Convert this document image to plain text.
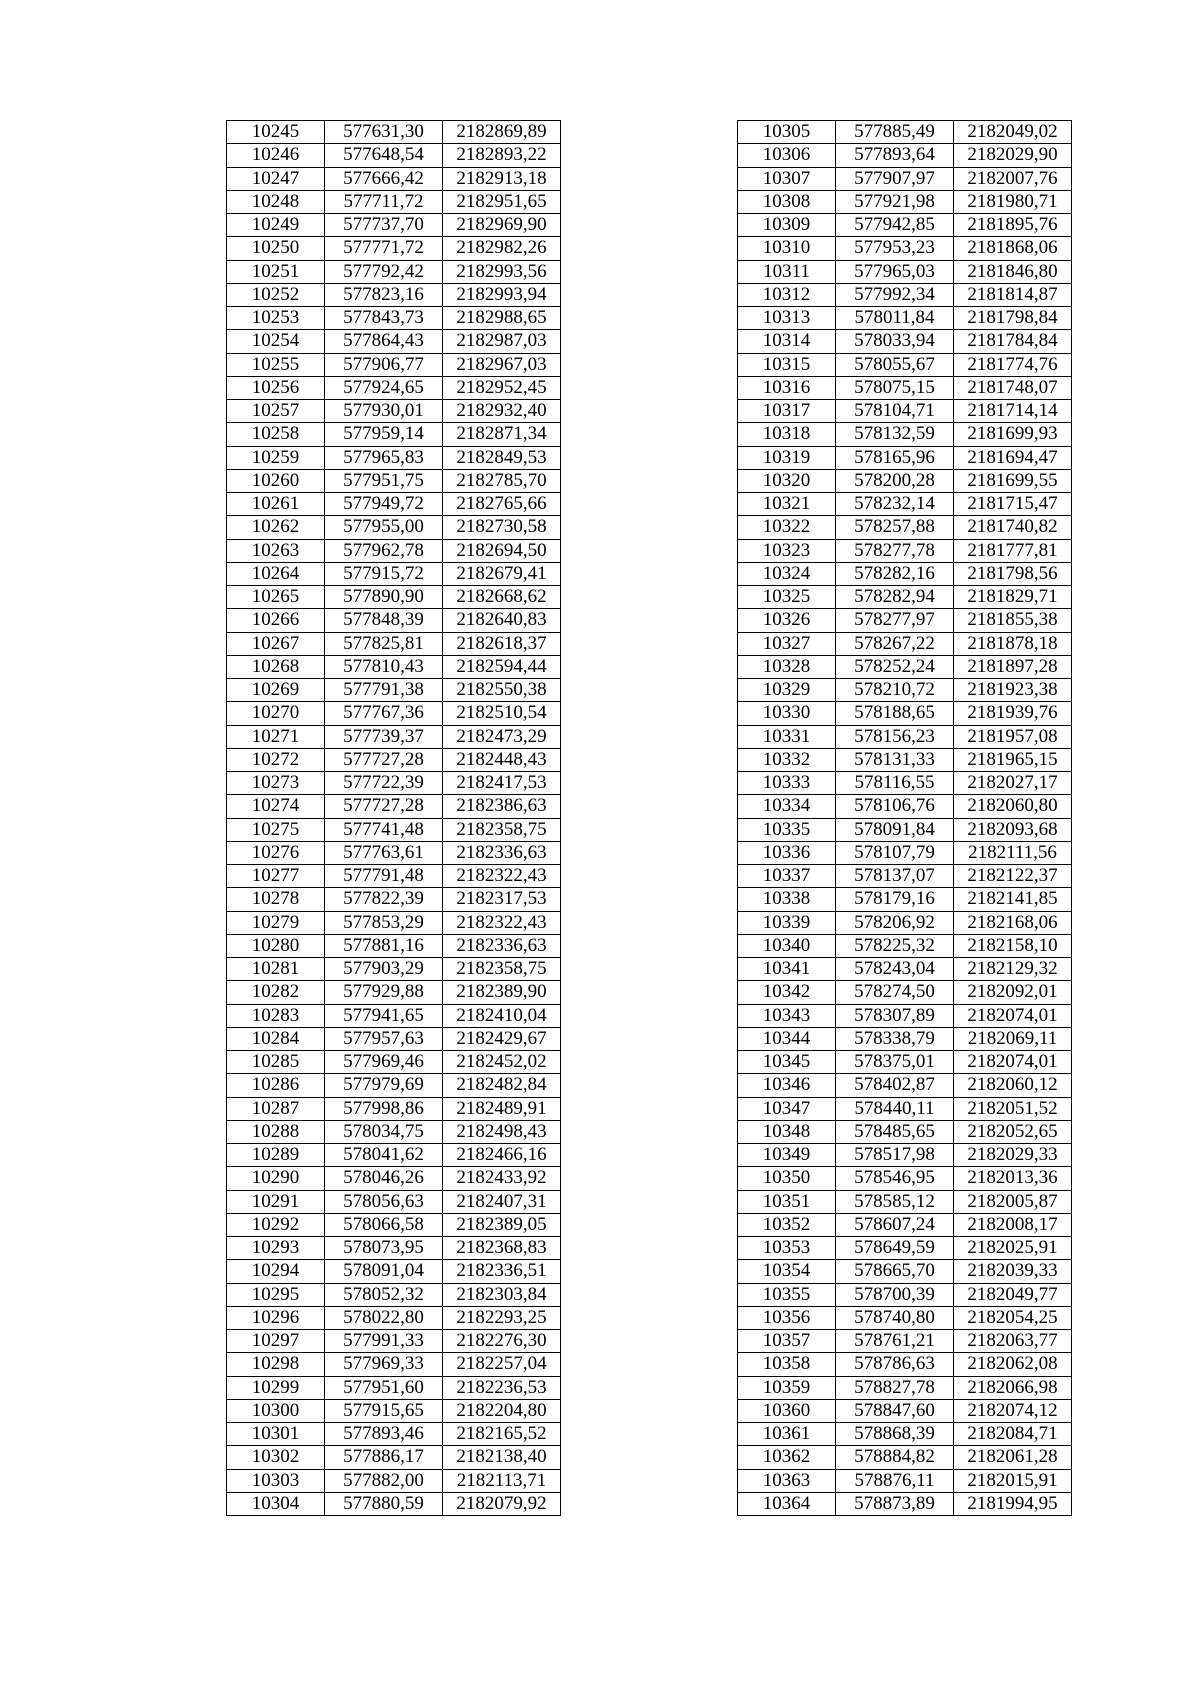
10245	577631,30	2182869,89
10246	577648,54	2182893,22
10247	577666,42	2182913,18
10248	577711,72	2182951,65
10249	577737,70	2182969,90
10250	577771,72	2182982,26
10251	577792,42	2182993,56
10252	577823,16	2182993,94
10253	577843,73	2182988,65
10254	577864,43	2182987,03
10255	577906,77	2182967,03
10256	577924,65	2182952,45
10257	577930,01	2182932,40
10258	577959,14	2182871,34
10259	577965,83	2182849,53
10260	577951,75	2182785,70
10261	577949,72	2182765,66
10262	577955,00	2182730,58
10263	577962,78	2182694,50
10264	577915,72	2182679,41
10265	577890,90	2182668,62
10266	577848,39	2182640,83
10267	577825,81	2182618,37
10268	577810,43	2182594,44
10269	577791,38	2182550,38
10270	577767,36	2182510,54
10271	577739,37	2182473,29
10272	577727,28	2182448,43
10273	577722,39	2182417,53
10274	577727,28	2182386,63
10275	577741,48	2182358,75
10276	577763,61	2182336,63
10277	577791,48	2182322,43
10278	577822,39	2182317,53
10279	577853,29	2182322,43
10280	577881,16	2182336,63
10281	577903,29	2182358,75
10282	577929,88	2182389,90
10283	577941,65	2182410,04
10284	577957,63	2182429,67
10285	577969,46	2182452,02
10286	577979,69	2182482,84
10287	577998,86	2182489,91
10288	578034,75	2182498,43
10289	578041,62	2182466,16
10290	578046,26	2182433,92
10291	578056,63	2182407,31
10292	578066,58	2182389,05
10293	578073,95	2182368,83
10294	578091,04	2182336,51
10295	578052,32	2182303,84
10296	578022,80	2182293,25
10297	577991,33	2182276,30
10298	577969,33	2182257,04
10299	577951,60	2182236,53
10300	577915,65	2182204,80
10301	577893,46	2182165,52
10302	577886,17	2182138,40
10303	577882,00	2182113,71
10304	577880,59	2182079,92
10305	577885,49	2182049,02
10306	577893,64	2182029,90
10307	577907,97	2182007,76
10308	577921,98	2181980,71
10309	577942,85	2181895,76
10310	577953,23	2181868,06
10311	577965,03	2181846,80
10312	577992,34	2181814,87
10313	578011,84	2181798,84
10314	578033,94	2181784,84
10315	578055,67	2181774,76
10316	578075,15	2181748,07
10317	578104,71	2181714,14
10318	578132,59	2181699,93
10319	578165,96	2181694,47
10320	578200,28	2181699,55
10321	578232,14	2181715,47
10322	578257,88	2181740,82
10323	578277,78	2181777,81
10324	578282,16	2181798,56
10325	578282,94	2181829,71
10326	578277,97	2181855,38
10327	578267,22	2181878,18
10328	578252,24	2181897,28
10329	578210,72	2181923,38
10330	578188,65	2181939,76
10331	578156,23	2181957,08
10332	578131,33	2181965,15
10333	578116,55	2182027,17
10334	578106,76	2182060,80
10335	578091,84	2182093,68
10336	578107,79	2182111,56
10337	578137,07	2182122,37
10338	578179,16	2182141,85
10339	578206,92	2182168,06
10340	578225,32	2182158,10
10341	578243,04	2182129,32
10342	578274,50	2182092,01
10343	578307,89	2182074,01
10344	578338,79	2182069,11
10345	578375,01	2182074,01
10346	578402,87	2182060,12
10347	578440,11	2182051,52
10348	578485,65	2182052,65
10349	578517,98	2182029,33
10350	578546,95	2182013,36
10351	578585,12	2182005,87
10352	578607,24	2182008,17
10353	578649,59	2182025,91
10354	578665,70	2182039,33
10355	578700,39	2182049,77
10356	578740,80	2182054,25
10357	578761,21	2182063,77
10358	578786,63	2182062,08
10359	578827,78	2182066,98
10360	578847,60	2182074,12
10361	578868,39	2182084,71
10362	578884,82	2182061,28
10363	578876,11	2182015,91
10364	578873,89	2181994,95
